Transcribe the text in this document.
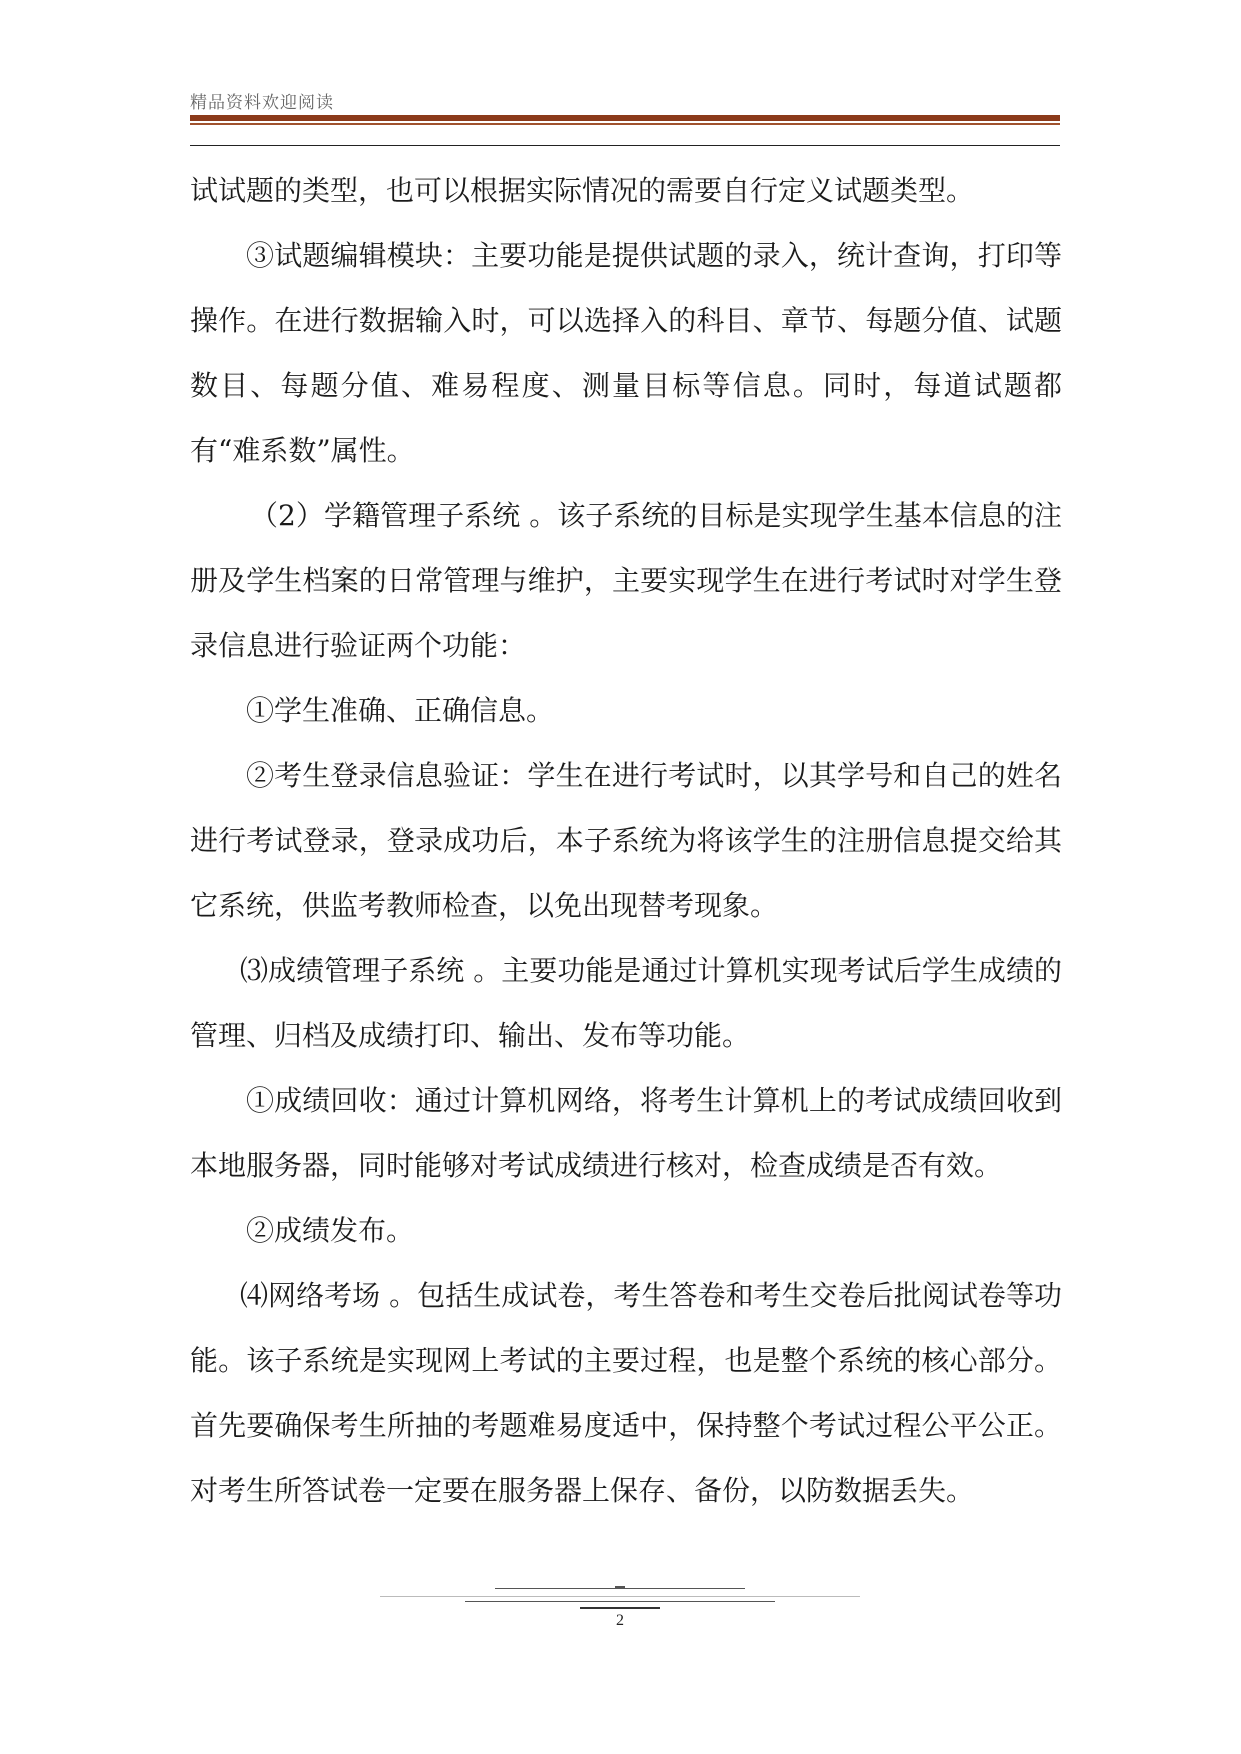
精品资料欢迎阅读

试试题的类型，也可以根据实际情况的需要自行定义试题类型。

③试题编辑模块：主要功能是提供试题的录入，统计查询，打印等操作。在进行数据输入时，可以选择入的科目、章节、每题分值、试题数目、每题分值、难易程度、测量目标等信息。同时，每道试题都有“难系数”属性。

（2）学籍管理子系统 。该子系统的目标是实现学生基本信息的注册及学生档案的日常管理与维护，主要实现学生在进行考试时对学生登录信息进行验证两个功能：

①学生准确、正确信息。

②考生登录信息验证：学生在进行考试时，以其学号和自己的姓名进行考试登录，登录成功后，本子系统为将该学生的注册信息提交给其它系统，供监考教师检查，以免出现替考现象。

⑶成绩管理子系统 。主要功能是通过计算机实现考试后学生成绩的管理、归档及成绩打印、输出、发布等功能。

①成绩回收：通过计算机网络，将考生计算机上的考试成绩回收到本地服务器，同时能够对考试成绩进行核对，检查成绩是否有效。

②成绩发布。

⑷网络考场 。包括生成试卷，考生答卷和考生交卷后批阅试卷等功能。该子系统是实现网上考试的主要过程，也是整个系统的核心部分。首先要确保考生所抽的考题难易度适中，保持整个考试过程公平公正。对考生所答试卷一定要在服务器上保存、备份，以防数据丢失。

2
